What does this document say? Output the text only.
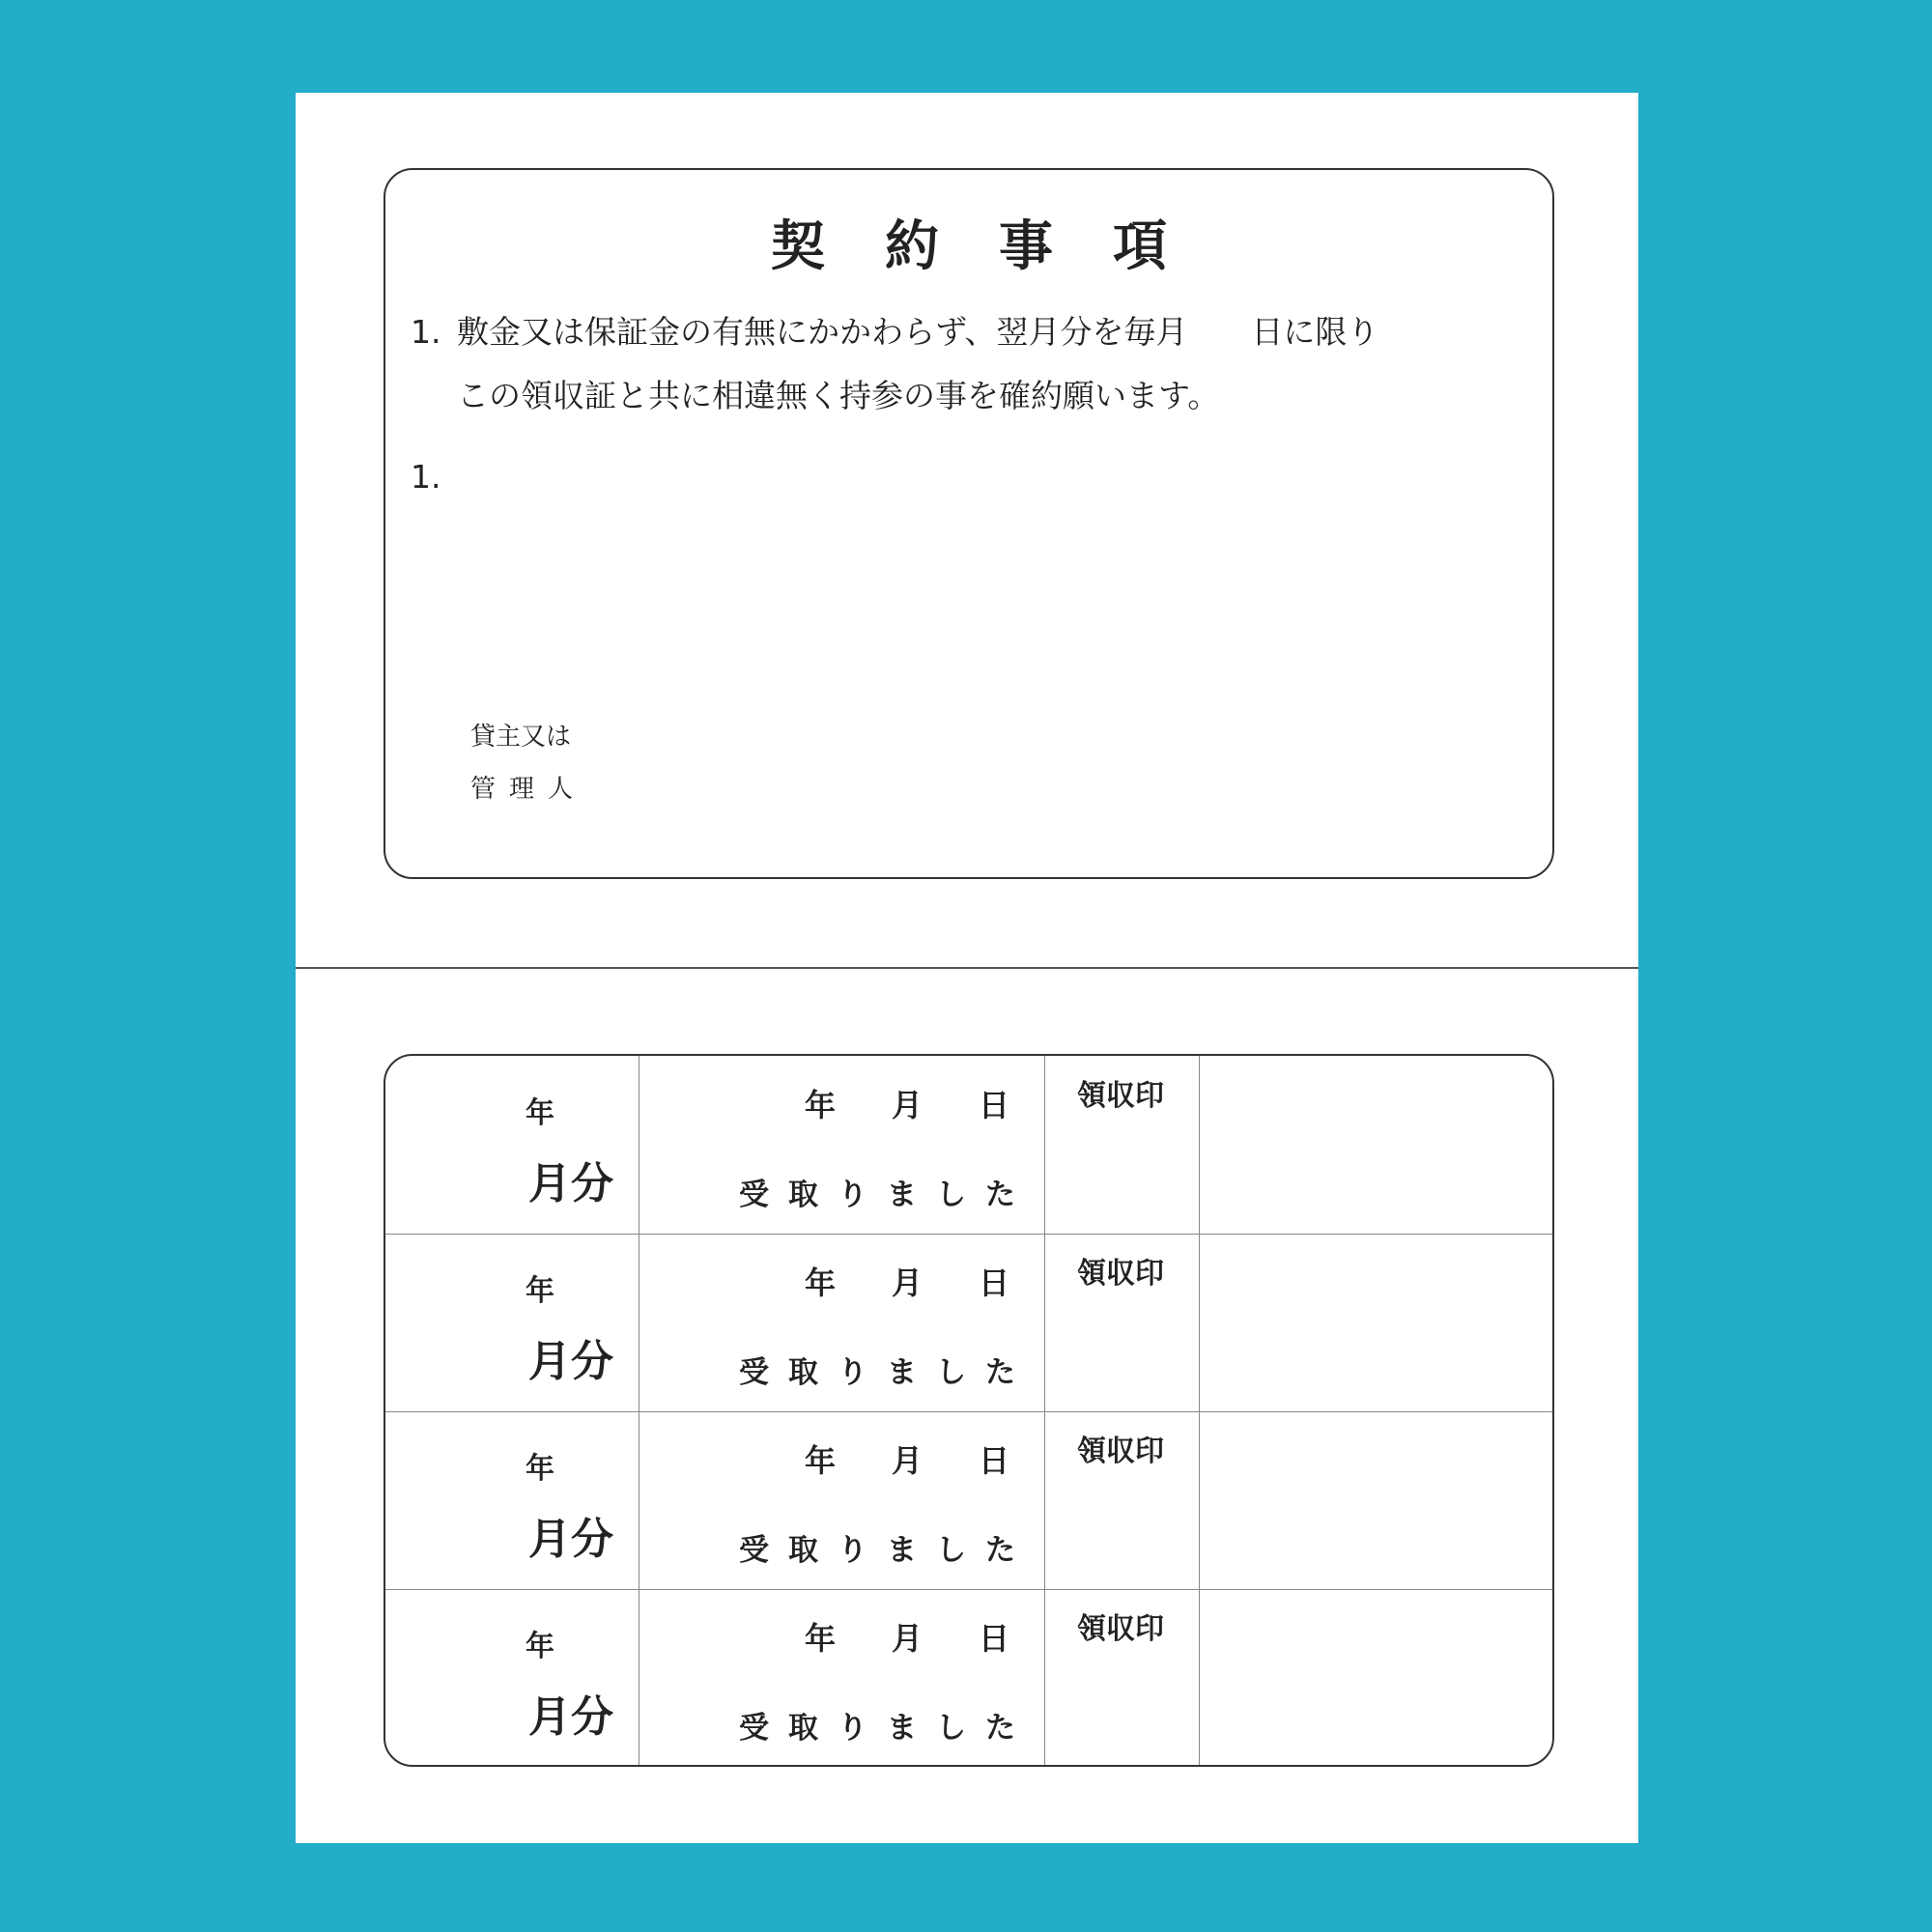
契約事項
1. 敷金又は保証金の有無にかかわらず、翌月分を毎月　　日に限り
この領収証と共に相違無く持参の事を確約願います。
1.
貸主又は
管理人
年
月分
年月日
受取りました
領収印
年
月分
年月日
受取りました
領収印
年
月分
年月日
受取りました
領収印
年
月分
年月日
受取りました
領収印
